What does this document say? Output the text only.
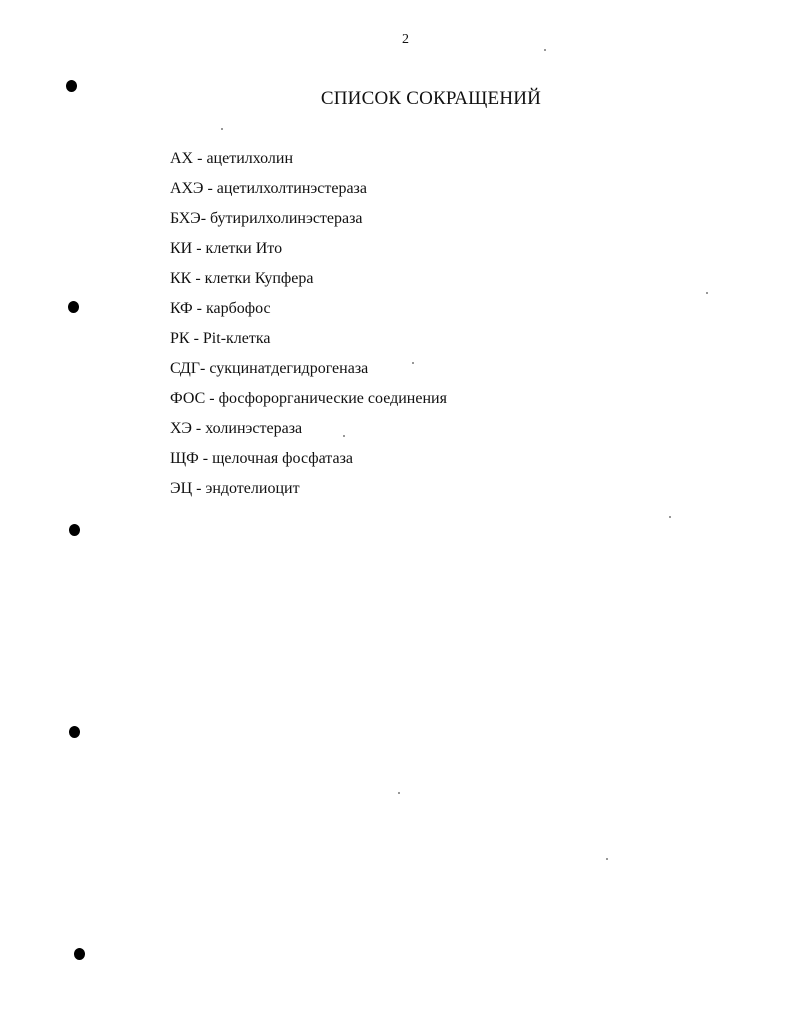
2
СПИСОК СОКРАЩЕНИЙ
АХ - ацетилхолин
АХЭ - ацетилхолтинэстераза
БХЭ- бутирилхолинэстераза
КИ - клетки Ито
КК - клетки Купфера
КФ - карбофос
РК - Pit-клетка
СДГ- сукцинатдегидрогеназа
ФОС - фосфорорганические соединения
ХЭ - холинэстераза
ЩФ - щелочная фосфатаза
ЭЦ - эндотелиоцит
